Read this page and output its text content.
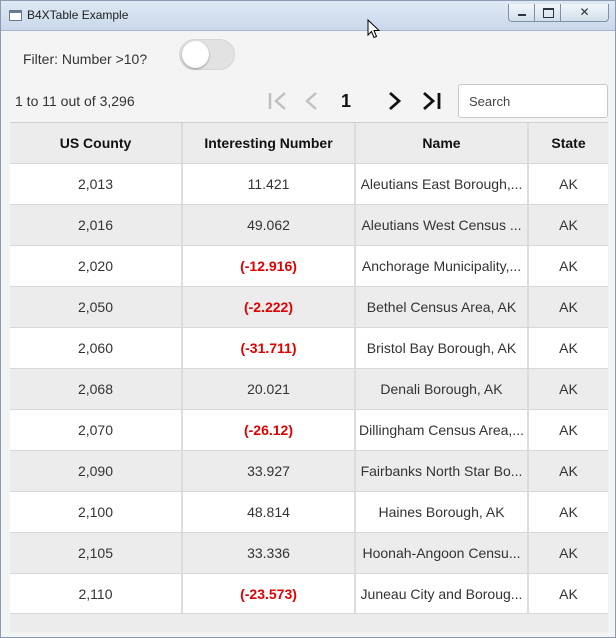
B4XTable Example	✕
Filter: Number >10?
1 to 11 out of 3,296	1
Search
US County	Interesting Number	Name	State
2,013	11.421	Aleutians East Borough,...	AK
2,016	49.062	Aleutians West Census ...	AK
2,020	(-12.916)	Anchorage Municipality,...	AK
2,050	(-2.222)	Bethel Census Area, AK	AK
2,060	(-31.711)	Bristol Bay Borough, AK	AK
2,068	20.021	Denali Borough, AK	AK
2,070	(-26.12)	Dillingham Census Area,...	AK
2,090	33.927	Fairbanks North Star Bo...	AK
2,100	48.814	Haines Borough, AK	AK
2,105	33.336	Hoonah-Angoon Censu...	AK
2,110	(-23.573)	Juneau City and Boroug...	AK
